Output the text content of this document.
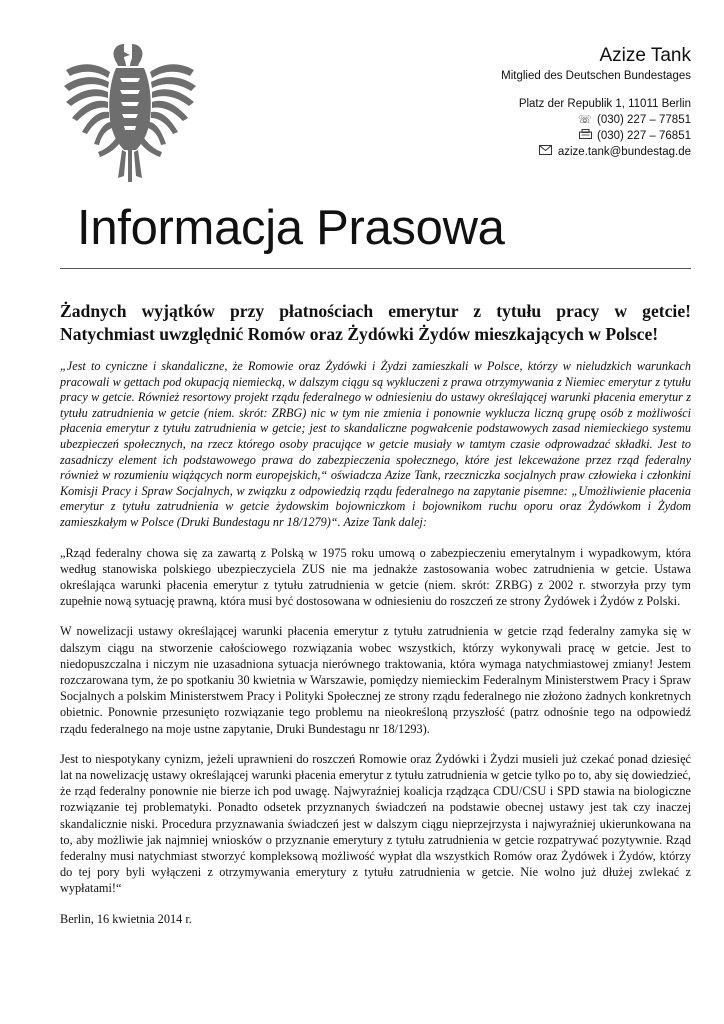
Azize Tank
Mitglied des Deutschen Bundestages
Platz der Republik 1, 11011 Berlin
☏ (030) 227 – 77851
(030) 227 – 76851
azize.tank@bundestag.de
Informacja Prasowa

Żadnych wyjątków przy płatnościach emerytur z tytułu pracy w getcie! Natychmiast uwzględnić Romów oraz Żydówki Żydów mieszkających w Polsce!

„Jest to cyniczne i skandaliczne, że Romowie oraz Żydówki i Żydzi zamieszkali w Polsce, którzy w nieludzkich warunkach pracowali w gettach pod okupacją niemiecką, w dalszym ciągu są wykluczeni z prawa otrzymywania z Niemiec emerytur z tytułu pracy w getcie. Również resortowy projekt rządu federalnego w odniesieniu do ustawy określającej warunki płacenia emerytur z tytułu zatrudnienia w getcie (niem. skrót: ZRBG) nic w tym nie zmienia i ponownie wyklucza liczną grupę osób z możliwości płacenia emerytur z tytułu zatrudnienia w getcie; jest to skandaliczne pogwałcenie podstawowych zasad niemieckiego systemu ubezpieczeń społecznych, na rzecz którego osoby pracujące w getcie musiały w tamtym czasie odprowadzać składki. Jest to zasadniczy element ich podstawowego prawa do zabezpieczenia społecznego, które jest lekceważone przez rząd federalny również w rozumieniu wiążących norm europejskich,“ oświadcza Azize Tank, rzeczniczka socjalnych praw człowieka i członkini Komisji Pracy i Spraw Socjalnych, w związku z odpowiedzią rządu federalnego na zapytanie pisemne: „Umożliwienie płacenia emerytur z tytułu zatrudnienia w getcie żydowskim bojowniczkom i bojownikom ruchu oporu oraz Żydówkom i Żydom zamieszkałym w Polsce (Druki Bundestagu nr 18/1279)“. Azize Tank dalej:

„Rząd federalny chowa się za zawartą z Polską w 1975 roku umową o zabezpieczeniu emerytalnym i wypadkowym, która według stanowiska polskiego ubezpieczyciela ZUS nie ma jednakże zastosowania wobec zatrudnienia w getcie. Ustawa określająca warunki płacenia emerytur z tytułu zatrudnienia w getcie (niem. skrót: ZRBG) z 2002 r. stworzyła przy tym zupełnie nową sytuację prawną, która musi być dostosowana w odniesieniu do roszczeń ze strony Żydówek i Żydów z Polski.

W nowelizacji ustawy określającej warunki płacenia emerytur z tytułu zatrudnienia w getcie rząd federalny zamyka się w dalszym ciągu na stworzenie całościowego rozwiązania wobec wszystkich, którzy wykonywali pracę w getcie. Jest to niedopuszczalna i niczym nie uzasadniona sytuacja nierównego traktowania, która wymaga natychmiastowej zmiany! Jestem rozczarowana tym, że po spotkaniu 30 kwietnia w Warszawie, pomiędzy niemieckim Federalnym Ministerstwem Pracy i Spraw Socjalnych a polskim Ministerstwem Pracy i Polityki Społecznej ze strony rządu federalnego nie złożono żadnych konkretnych obietnic. Ponownie przesunięto rozwiązanie tego problemu na nieokreśloną przyszłość (patrz odnośnie tego na odpowiedź rządu federalnego na moje ustne zapytanie, Druki Bundestagu nr 18/1293).

Jest to niespotykany cynizm, jeżeli uprawnieni do roszczeń Romowie oraz Żydówki i Żydzi musieli już czekać ponad dziesięć lat na nowelizację ustawy określającej warunki płacenia emerytur z tytułu zatrudnienia w getcie tylko po to, aby się dowiedzieć, że rząd federalny ponownie nie bierze ich pod uwagę. Najwyraźniej koalicja rządząca CDU/CSU i SPD stawia na biologiczne rozwiązanie tej problematyki. Ponadto odsetek przyznanych świadczeń na podstawie obecnej ustawy jest tak czy inaczej skandalicznie niski. Procedura przyznawania świadczeń jest w dalszym ciągu nieprzejrzysta i najwyraźniej ukierunkowana na to, aby możliwie jak najmniej wniosków o przyznanie emerytury z tytułu zatrudnienia w getcie rozpatrywać pozytywnie. Rząd federalny musi natychmiast stworzyć kompleksową możliwość wypłat dla wszystkich Romów oraz Żydówek i Żydów, którzy do tej pory byli wyłączeni z otrzymywania emerytury z tytułu zatrudnienia w getcie. Nie wolno już dłużej zwlekać z wypłatami!“

Berlin, 16 kwietnia 2014 r.
